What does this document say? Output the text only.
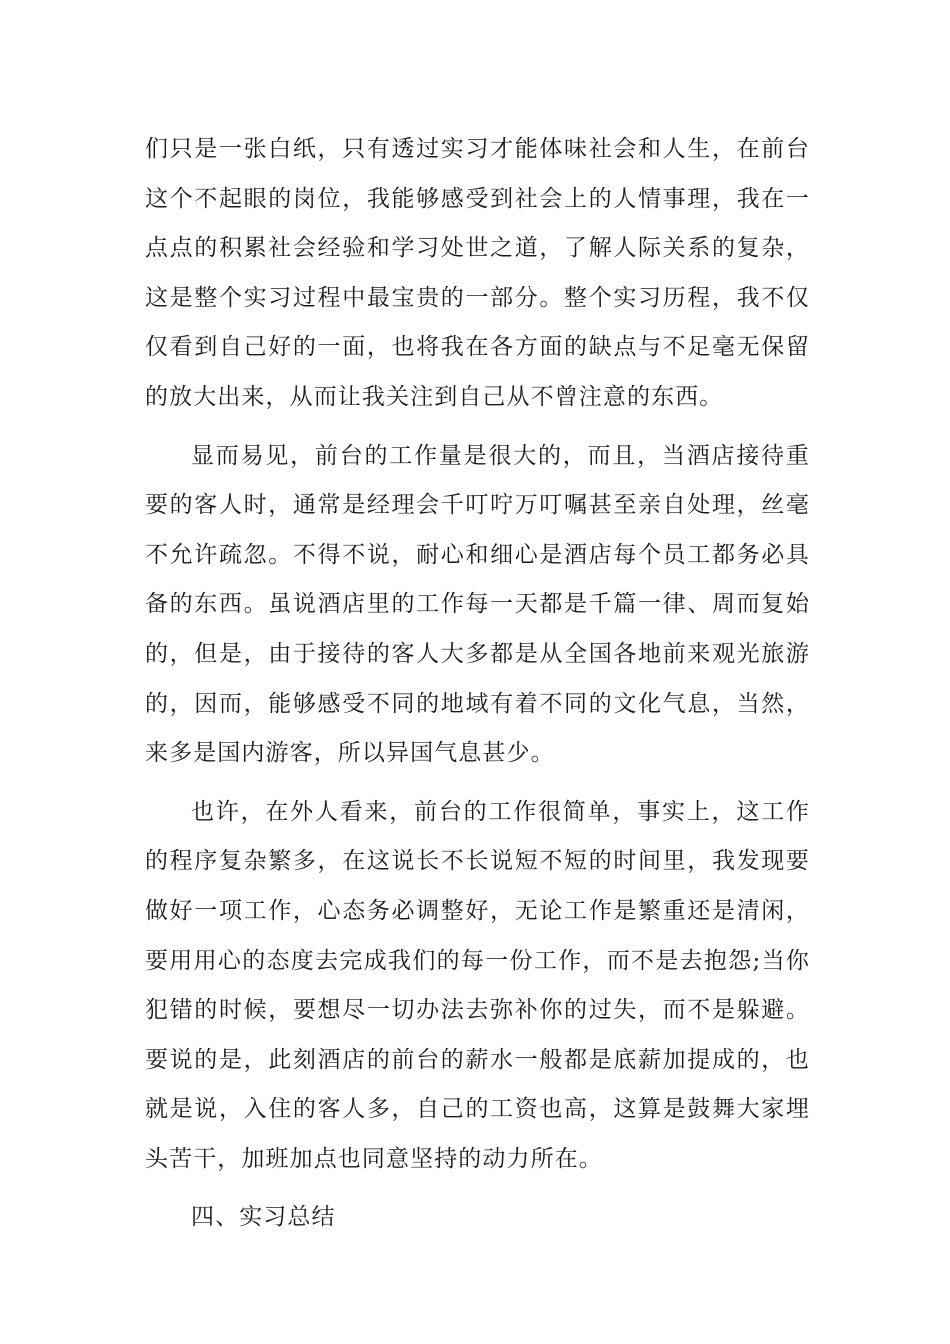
们只是一张白纸，只有透过实习才能体味社会和人生，在前台这个不起眼的岗位，我能够感受到社会上的人情事理，我在一点点的积累社会经验和学习处世之道，了解人际关系的复杂，这是整个实习过程中最宝贵的一部分。整个实习历程，我不仅仅看到自己好的一面，也将我在各方面的缺点与不足毫无保留的放大出来，从而让我关注到自己从不曾注意的东西。

显而易见，前台的工作量是很大的，而且，当酒店接待重要的客人时，通常是经理会千叮咛万叮嘱甚至亲自处理，丝毫不允许疏忽。不得不说，耐心和细心是酒店每个员工都务必具备的东西。虽说酒店里的工作每一天都是千篇一律、周而复始的，但是，由于接待的客人大多都是从全国各地前来观光旅游的，因而，能够感受不同的地域有着不同的文化气息，当然，来多是国内游客，所以异国气息甚少。

也许，在外人看来，前台的工作很简单，事实上，这工作的程序复杂繁多，在这说长不长说短不短的时间里，我发现要做好一项工作，心态务必调整好，无论工作是繁重还是清闲，要用用心的态度去完成我们的每一份工作，而不是去抱怨;当你犯错的时候，要想尽一切办法去弥补你的过失，而不是躲避。要说的是，此刻酒店的前台的薪水一般都是底薪加提成的，也就是说，入住的客人多，自己的工资也高，这算是鼓舞大家埋头苦干，加班加点也同意坚持的动力所在。

四、实习总结
